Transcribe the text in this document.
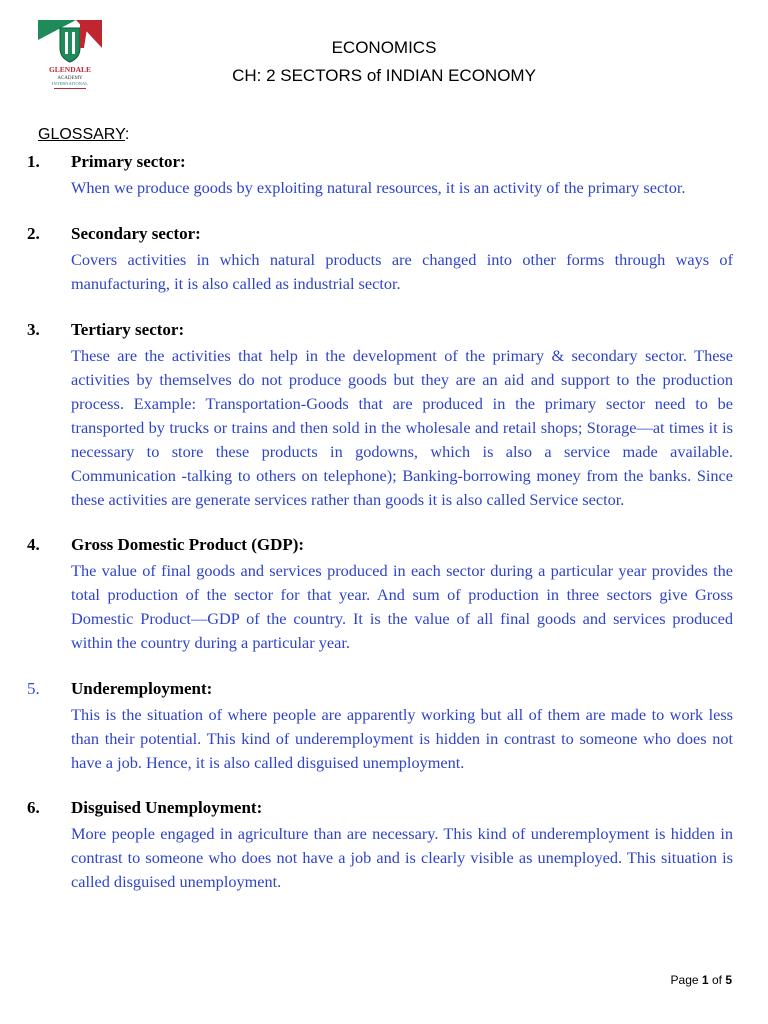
GLENDALE
ACADEMY
INTERNATIONAL
ECONOMICS
CH: 2 SECTORS of INDIAN ECONOMY
GLOSSARY:
1. Primary sector:
When we produce goods by exploiting natural resources, it is an activity of the primary sector.
2. Secondary sector:
Covers activities in which natural products are changed into other forms through ways of manufacturing, it is also called as industrial sector.
3. Tertiary sector:
These are the activities that help in the development of the primary & secondary sector. These activities by themselves do not produce goods but they are an aid and support to the production process. Example: Transportation-Goods that are produced in the primary sector need to be transported by trucks or trains and then sold in the wholesale and retail shops; Storage—at times it is necessary to store these products in godowns, which is also a service made available. Communication -talking to others on telephone); Banking-borrowing money from the banks. Since these activities are generate services rather than goods it is also called Service sector.
4. Gross Domestic Product (GDP):
The value of final goods and services produced in each sector during a particular year provides the total production of the sector for that year. And sum of production in three sectors give Gross Domestic Product—GDP of the country. It is the value of all final goods and services produced within the country during a particular year.
5. Underemployment:
This is the situation of where people are apparently working but all of them are made to work less than their potential. This kind of underemployment is hidden in contrast to someone who does not have a job. Hence, it is also called disguised unemployment.
6. Disguised Unemployment:
More people engaged in agriculture than are necessary. This kind of underemployment is hidden in contrast to someone who does not have a job and is clearly visible as unemployed. This situation is called disguised unemployment.
Page 1 of 5
